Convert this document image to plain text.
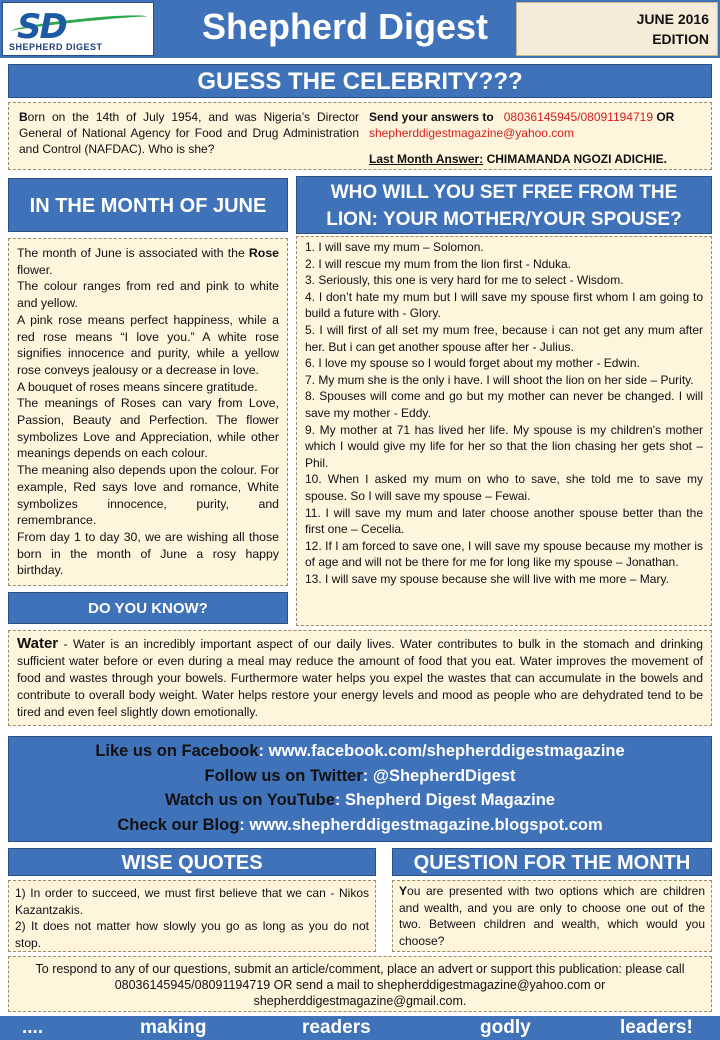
SD
SHEPHERD DIGEST	Shepherd Digest	JUNE 2016
EDITION
GUESS THE CELEBRITY???
Born on the 14th of July 1954, and was Nigeria’s Director General of National Agency for Food and Drug Administration and Control (NAFDAC). Who is she?
Send your answers to 08036145945/08091194719 OR
shepherddigestmagazine@yahoo.com
Last Month Answer: CHIMAMANDA NGOZI ADICHIE.
IN THE MONTH OF JUNE
WHO WILL YOU SET FREE FROM THE
LION: YOUR MOTHER/YOUR SPOUSE?

The month of June is associated with the Rose flower.

The colour ranges from red and pink to white and yellow.

A pink rose means perfect happiness, while a red rose means “I love you.” A white rose signifies innocence and purity, while a yellow rose conveys jealousy or a decrease in love.

A bouquet of roses means sincere gratitude.

The meanings of Roses can vary from Love, Passion, Beauty and Perfection. The flower symbolizes Love and Appreciation, while other meanings depends on each colour.

The meaning also depends upon the colour. For example, Red says love and romance, White symbolizes innocence, purity, and remembrance.

From day 1 to day 30, we are wishing all those born in the month of June a rosy happy birthday.

DO YOU KNOW?
1. I will save my mum – Solomon.
2. I will rescue my mum from the lion first - Nduka.
3. Seriously, this one is very hard for me to select - Wisdom.
4. I don’t hate my mum but I will save my spouse first whom I am going to build a future with - Glory.
5. I will first of all set my mum free, because i can not get any mum after her. But i can get another spouse after her - Julius.
6. I love my spouse so I would forget about my mother - Edwin.
7. My mum she is the only i have. I will shoot the lion on her side – Purity.
8. Spouses will come and go but my mother can never be changed. I will save my mother - Eddy.
9. My mother at 71 has lived her life. My spouse is my children's mother which I would give my life for her so that the lion chasing her gets shot – Phil.
10. When I asked my mum on who to save, she told me to save my spouse. So I will save my spouse – Fewai.
11. I will save my mum and later choose another spouse better than the first one – Cecelia.
12. If I am forced to save one, I will save my spouse because my mother is of age and will not be there for me for long like my spouse – Jonathan.
13. I will save my spouse because she will live with me more – Mary.
Water - Water is an incredibly important aspect of our daily lives. Water contributes to bulk in the stomach and drinking sufficient water before or even during a meal may reduce the amount of food that you eat. Water improves the movement of food and wastes through your bowels. Furthermore water helps you expel the wastes that can accumulate in the bowels and contribute to overall body weight. Water helps restore your energy levels and mood as people who are dehydrated tend to be tired and even feel slightly down emotionally.
Like us on Facebook: www.facebook.com/shepherddigestmagazine
Follow us on Twitter: @ShepherdDigest
Watch us on YouTube: Shepherd Digest Magazine
Check our Blog: www.shepherddigestmagazine.blogspot.com
WISE QUOTES	QUESTION FOR THE MONTH

1) In order to succeed, we must first believe that we can - Nikos Kazantzakis.

2) It does not matter how slowly you go as long as you do not stop.

You are presented with two options which are children and wealth, and you are only to choose one out of the two. Between children and wealth, which would you choose?
To respond to any of our questions, submit an article/comment, place an advert or support this publication: please call 08036145945/08091194719 OR send a mail to shepherddigestmagazine@yahoo.com or shepherddigestmagazine@gmail.com.
....	making	readers	godly	leaders!
